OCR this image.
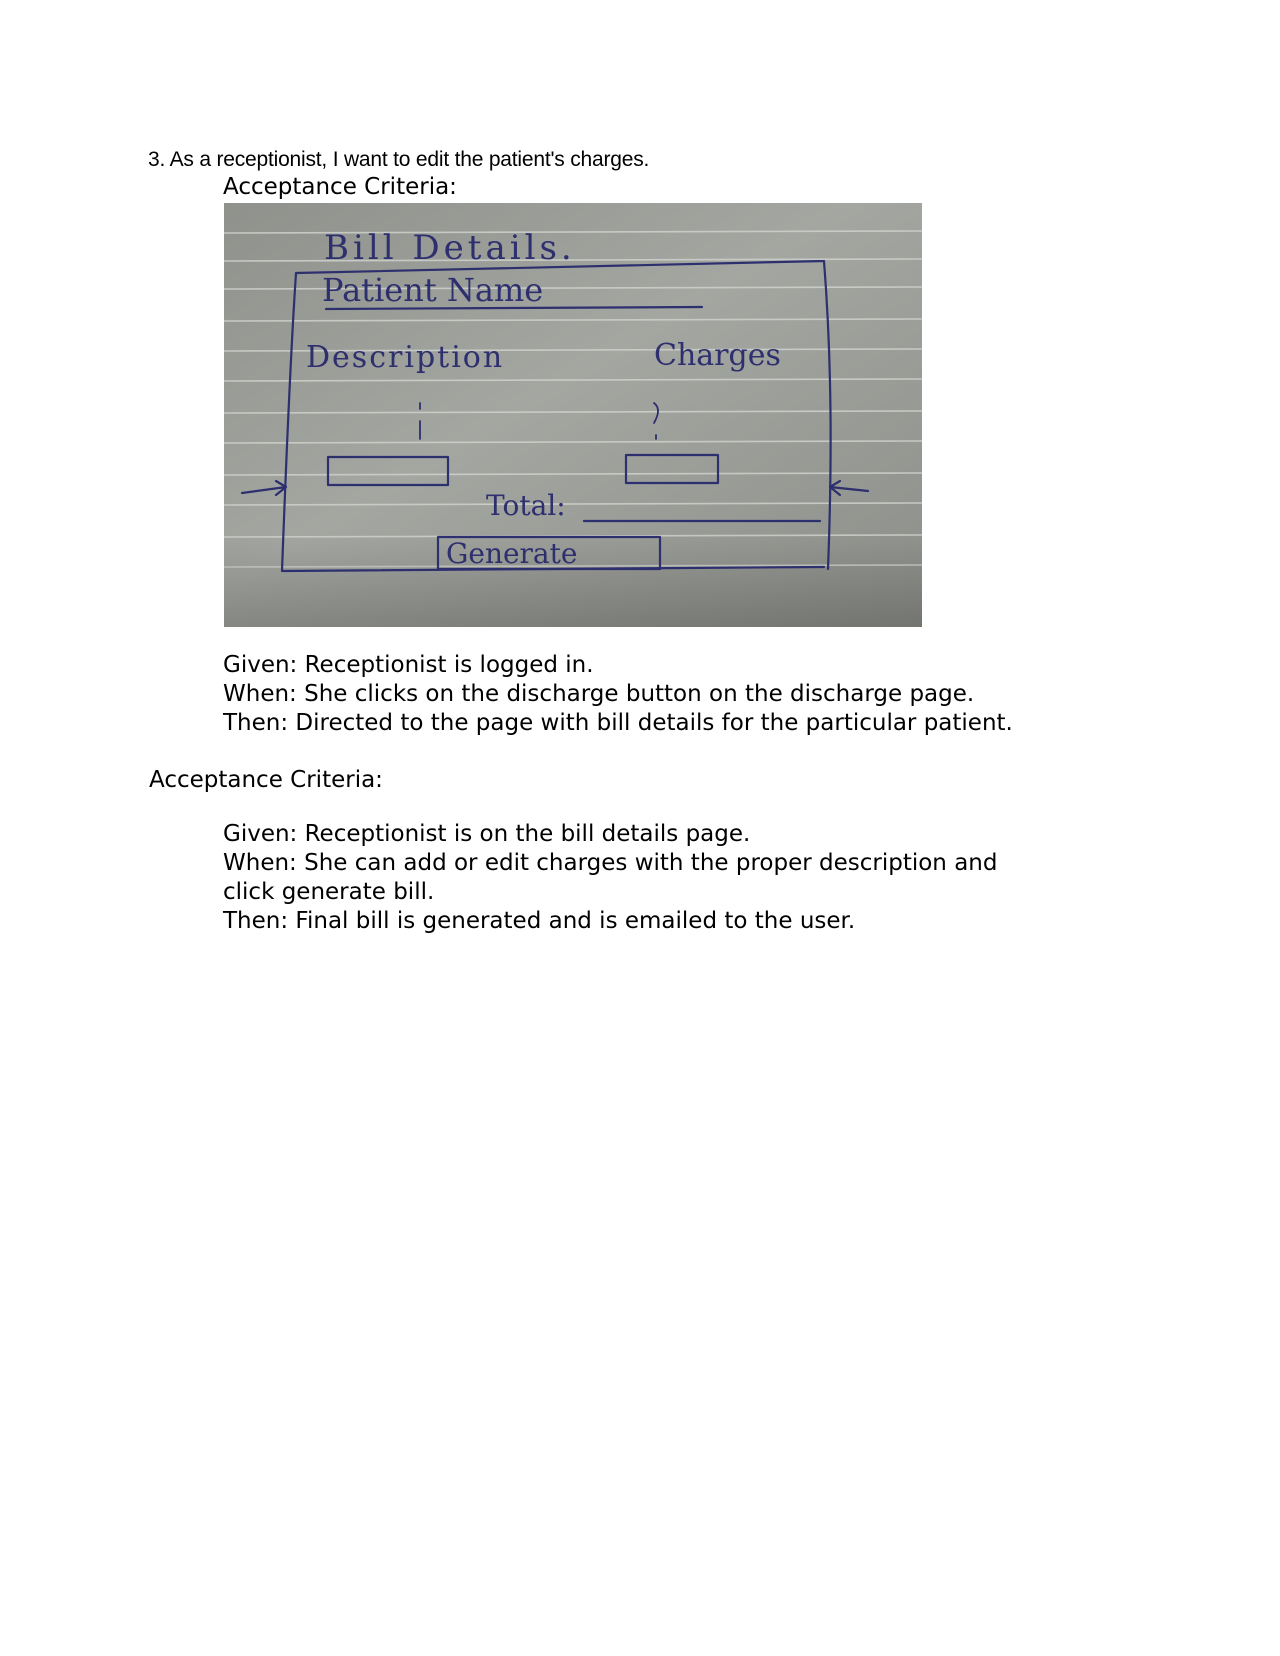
3. As a receptionist, I want to edit the patient's charges.
Acceptance Criteria:
Bill Details.
Patient Name
Description	Charges
Total:
Generate
Given: Receptionist is logged in.
When: She clicks on the discharge button on the discharge page.
Then: Directed to the page with bill details for the particular patient.
Acceptance Criteria:
Given: Receptionist is on the bill details page.
When: She can add or edit charges with the proper description and
click generate bill.
Then: Final bill is generated and is emailed to the user.
